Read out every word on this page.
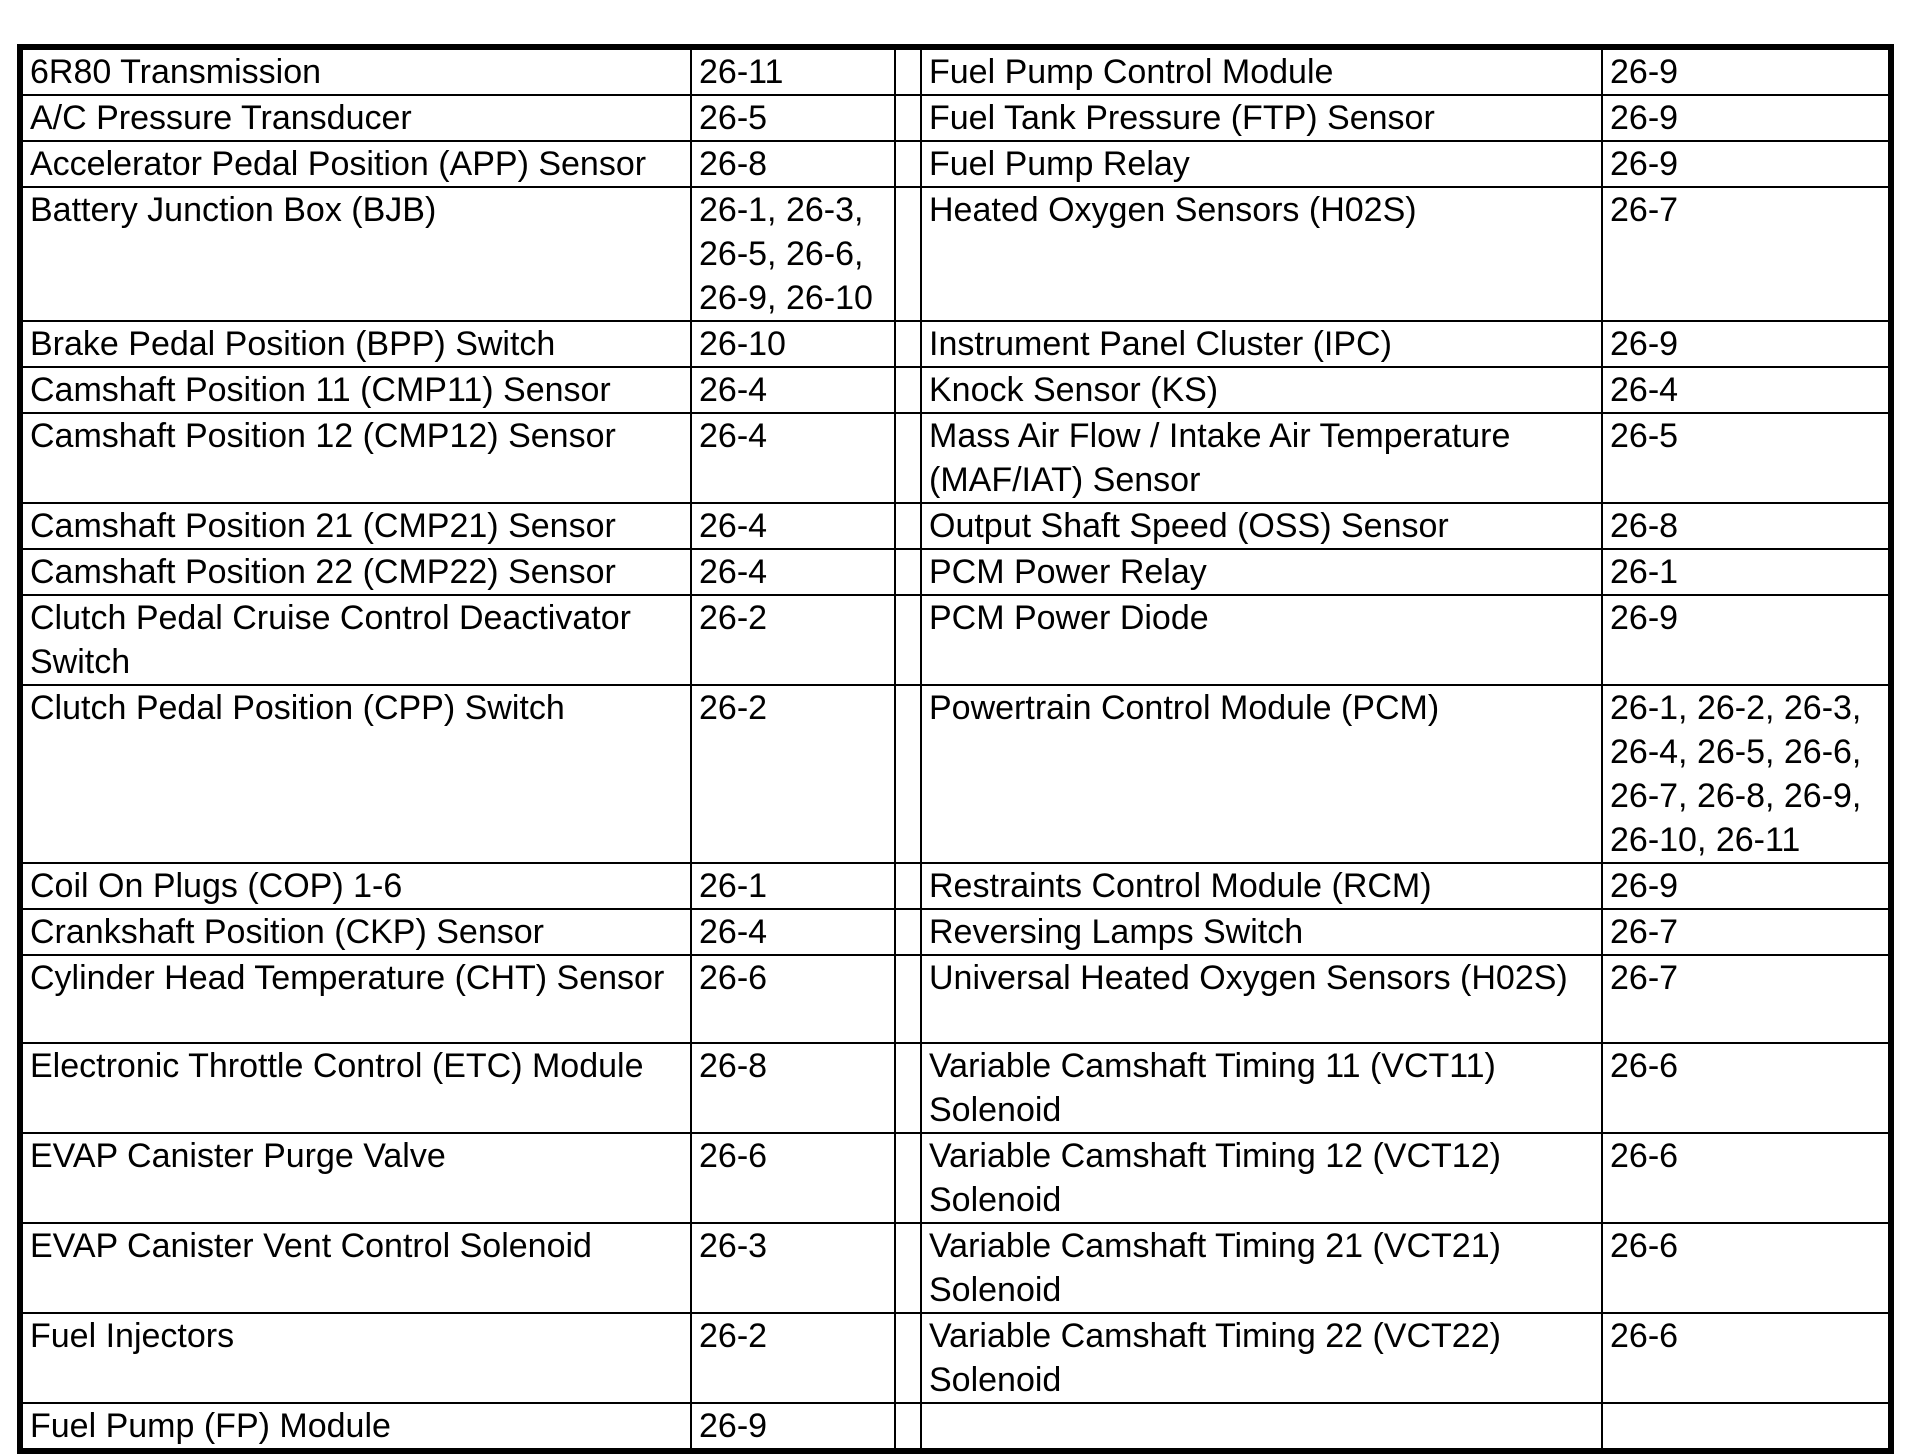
6R80 Transmission	26-11		Fuel Pump Control Module	26-9
A/C Pressure Transducer	26-5		Fuel Tank Pressure (FTP) Sensor	26-9
Accelerator Pedal Position (APP) Sensor	26-8		Fuel Pump Relay	26-9
Battery Junction Box (BJB)	26-1, 26-3, 26-5, 26-6, 26-9, 26-10		Heated Oxygen Sensors (H02S)	26-7
Brake Pedal Position (BPP) Switch	26-10		Instrument Panel Cluster (IPC)	26-9
Camshaft Position 11 (CMP11) Sensor	26-4		Knock Sensor (KS)	26-4
Camshaft Position 12 (CMP12) Sensor	26-4		Mass Air Flow / Intake Air Temperature (MAF/IAT) Sensor	26-5
Camshaft Position 21 (CMP21) Sensor	26-4		Output Shaft Speed (OSS) Sensor	26-8
Camshaft Position 22 (CMP22) Sensor	26-4		PCM Power Relay	26-1
Clutch Pedal Cruise Control Deactivator Switch	26-2		PCM Power Diode	26-9
Clutch Pedal Position (CPP) Switch	26-2		Powertrain Control Module (PCM)	26-1, 26-2, 26-3, 26-4, 26-5, 26-6, 26-7, 26-8, 26-9, 26-10, 26-11
Coil On Plugs (COP) 1-6	26-1		Restraints Control Module (RCM)	26-9
Crankshaft Position (CKP) Sensor	26-4		Reversing Lamps Switch	26-7
Cylinder Head Temperature (CHT) Sensor	26-6		Universal Heated Oxygen Sensors (H02S)	26-7
Electronic Throttle Control (ETC) Module	26-8		Variable Camshaft Timing 11 (VCT11) Solenoid	26-6
EVAP Canister Purge Valve	26-6		Variable Camshaft Timing 12 (VCT12) Solenoid	26-6
EVAP Canister Vent Control Solenoid	26-3		Variable Camshaft Timing 21 (VCT21) Solenoid	26-6
Fuel Injectors	26-2		Variable Camshaft Timing 22 (VCT22) Solenoid	26-6
Fuel Pump (FP) Module	26-9			
